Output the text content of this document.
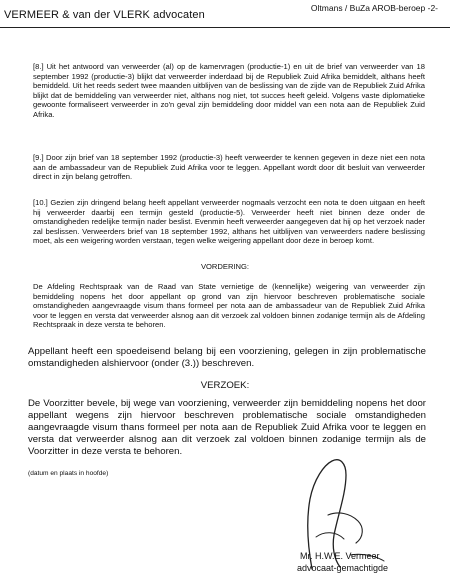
VERMEER & van der VLERK advocaten
Oltmans / BuZa AROB-beroep -2-
[8.] Uit het antwoord van verweerder (al) op de kamervragen (productie-1) en uit de brief van verweerder van 18 september 1992 (productie-3) blijkt dat verweerder inderdaad bij de Republiek Zuid Afrika bemiddelt, althans heeft bemiddeld. Uit het reeds sedert twee maanden uitblijven van de beslissing van de zijde van de Republiek Zuid Afrika blijkt dat de bemiddeling van verweerder niet, althans nog niet, tot succes heeft geleid. Volgens vaste diplomatieke gewoonte formaliseert verweerder in zo'n geval zijn bemiddeling door middel van een nota aan de Republiek Zuid Afrika.
[9.] Door zijn brief van 18 september 1992 (productie-3) heeft verweerder te kennen gegeven in deze niet een nota aan de ambassadeur van de Republiek Zuid Afrika voor te leggen. Appellant wordt door dit besluit van verweerder direct in zijn belang getroffen.
[10.] Gezien zijn dringend belang heeft appellant verweerder nogmaals verzocht een nota te doen uitgaan en heeft hij verweerder daarbij een termijn gesteld (productie-5). Verweerder heeft niet binnen deze onder de omstandigheden redelijke termijn nader beslist. Evenmin heeft verweerder aangegeven dat hij op het verzoek nader zal beslissen. Verweerders brief van 18 september 1992, althans het uitblijven van verweerders nadere beslissing moet, als een weigering worden verstaan, tegen welke weigering appellant door deze in beroep komt.
VORDERING:
De Afdeling Rechtspraak van de Raad van State vernietige de (kennelijke) weigering van verweerder zijn bemiddeling nopens het door appellant op grond van zijn hiervoor beschreven problematische sociale omstandigheden aangevraagde visum thans formeel per nota aan de ambassadeur van de Republiek Zuid Afrika voor te leggen en versta dat verweerder alsnog aan dit verzoek zal voldoen binnen zodanige termijn als de Afdeling Rechtspraak in deze versta te behoren.
Appellant heeft een spoedeisend belang bij een voorziening, gelegen in zijn problematische omstandigheden alshiervoor (onder (3.)) beschreven.
VERZOEK:
De Voorzitter bevele, bij wege van voorziening, verweerder zijn bemiddeling nopens het door appellant wegens zijn hiervoor beschreven problematische sociale omstandigheden aangevraagde visum thans formeel per nota aan de Republiek Zuid Afrika voor te leggen en versta dat verweerder alsnog aan dit verzoek zal voldoen binnen zodanige termijn als de Voorzitter in deze versta te behoren.
(datum en plaats in hoofde)
Mr. H.W.E. Vermeer
advocaat-gemachtigde
